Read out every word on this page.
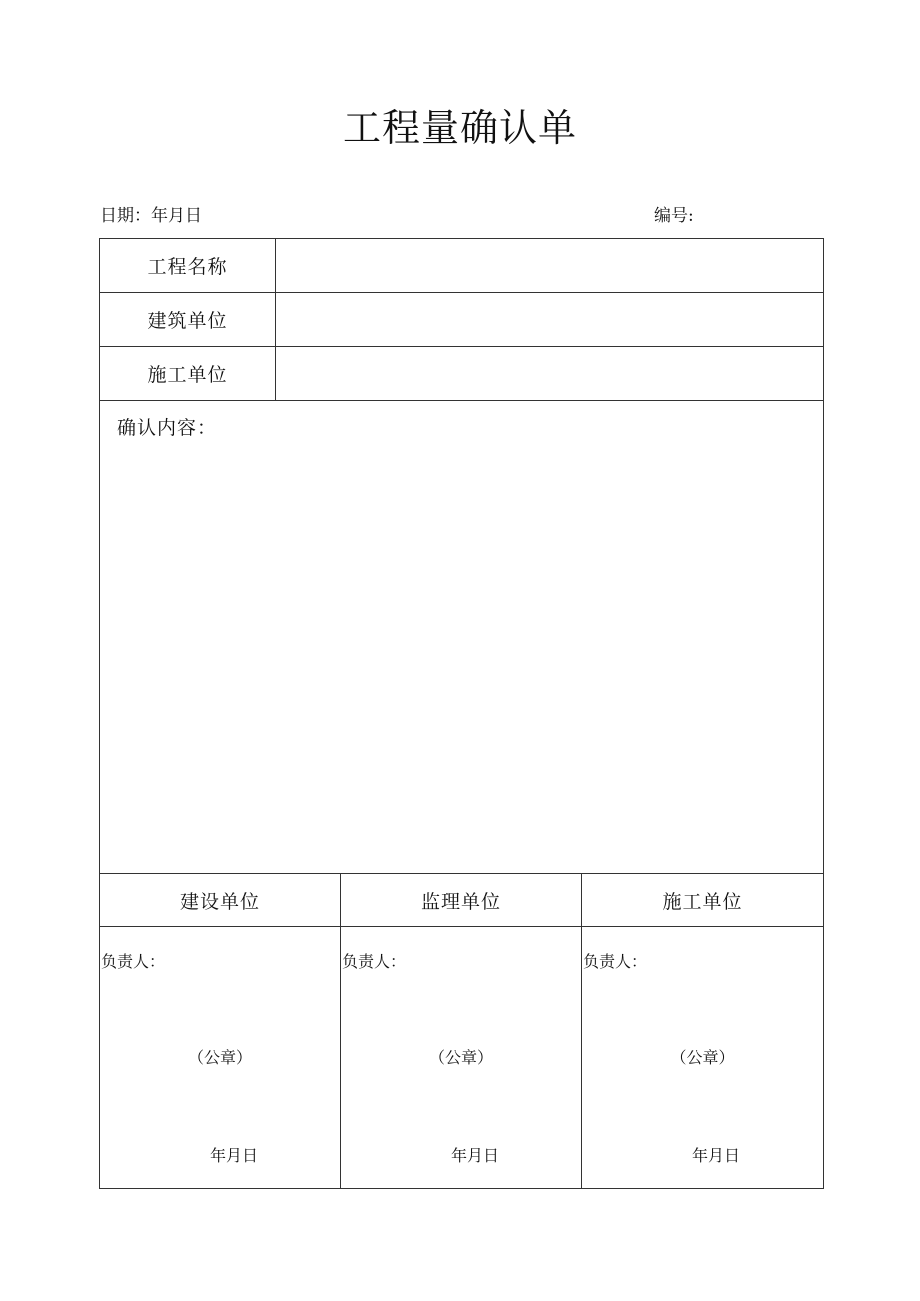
工程量确认单
日期：年月日	编号:
工程名称
建筑单位
施工单位
确认内容：
建设单位	监理单位	施工单位
负责人：
（公章）
年月日
负责人：
（公章）
年月日
负责人：
（公章）
年月日
